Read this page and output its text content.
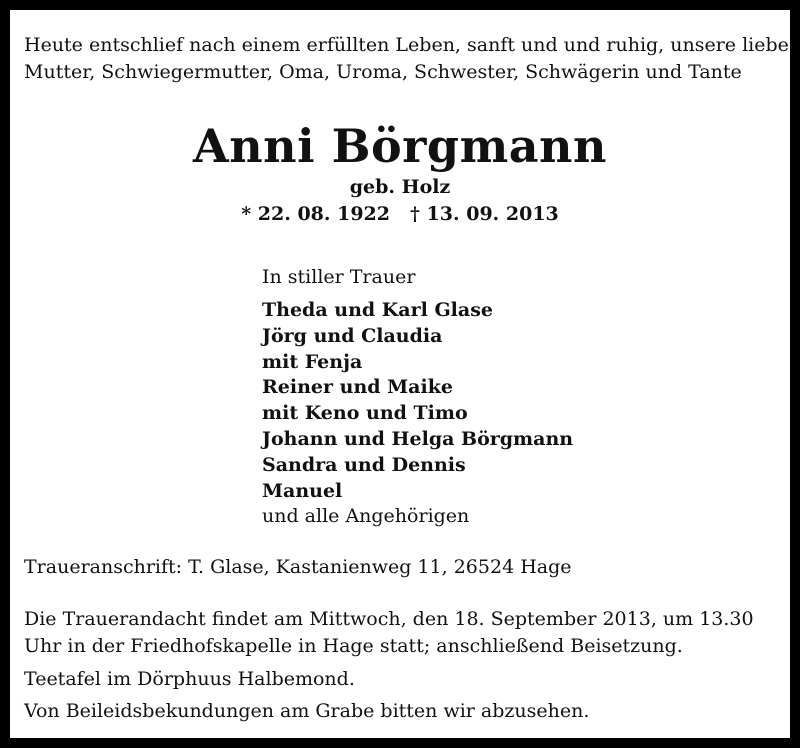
Heute entschlief nach einem erfüllten Leben, sanft und und ruhig, unsere liebe
Mutter, Schwiegermutter, Oma, Uroma, Schwester, Schwägerin und Tante

Anni Börgmann

geb. Holz

* 22. 08. 1922 † 13. 09. 2013

In stiller Trauer

Theda und Karl Glase
Jörg und Claudia
mit Fenja
Reiner und Maike
mit Keno und Timo
Johann und Helga Börgmann
Sandra und Dennis
Manuel
und alle Angehörigen

Traueranschrift: T. Glase, Kastanienweg 11, 26524 Hage

Die Trauerandacht findet am Mittwoch, den 18. September 2013, um 13.30
Uhr in der Friedhofskapelle in Hage statt; anschließend Beisetzung.

Teetafel im Dörphuus Halbemond.

Von Beileidsbekundungen am Grabe bitten wir abzusehen.
